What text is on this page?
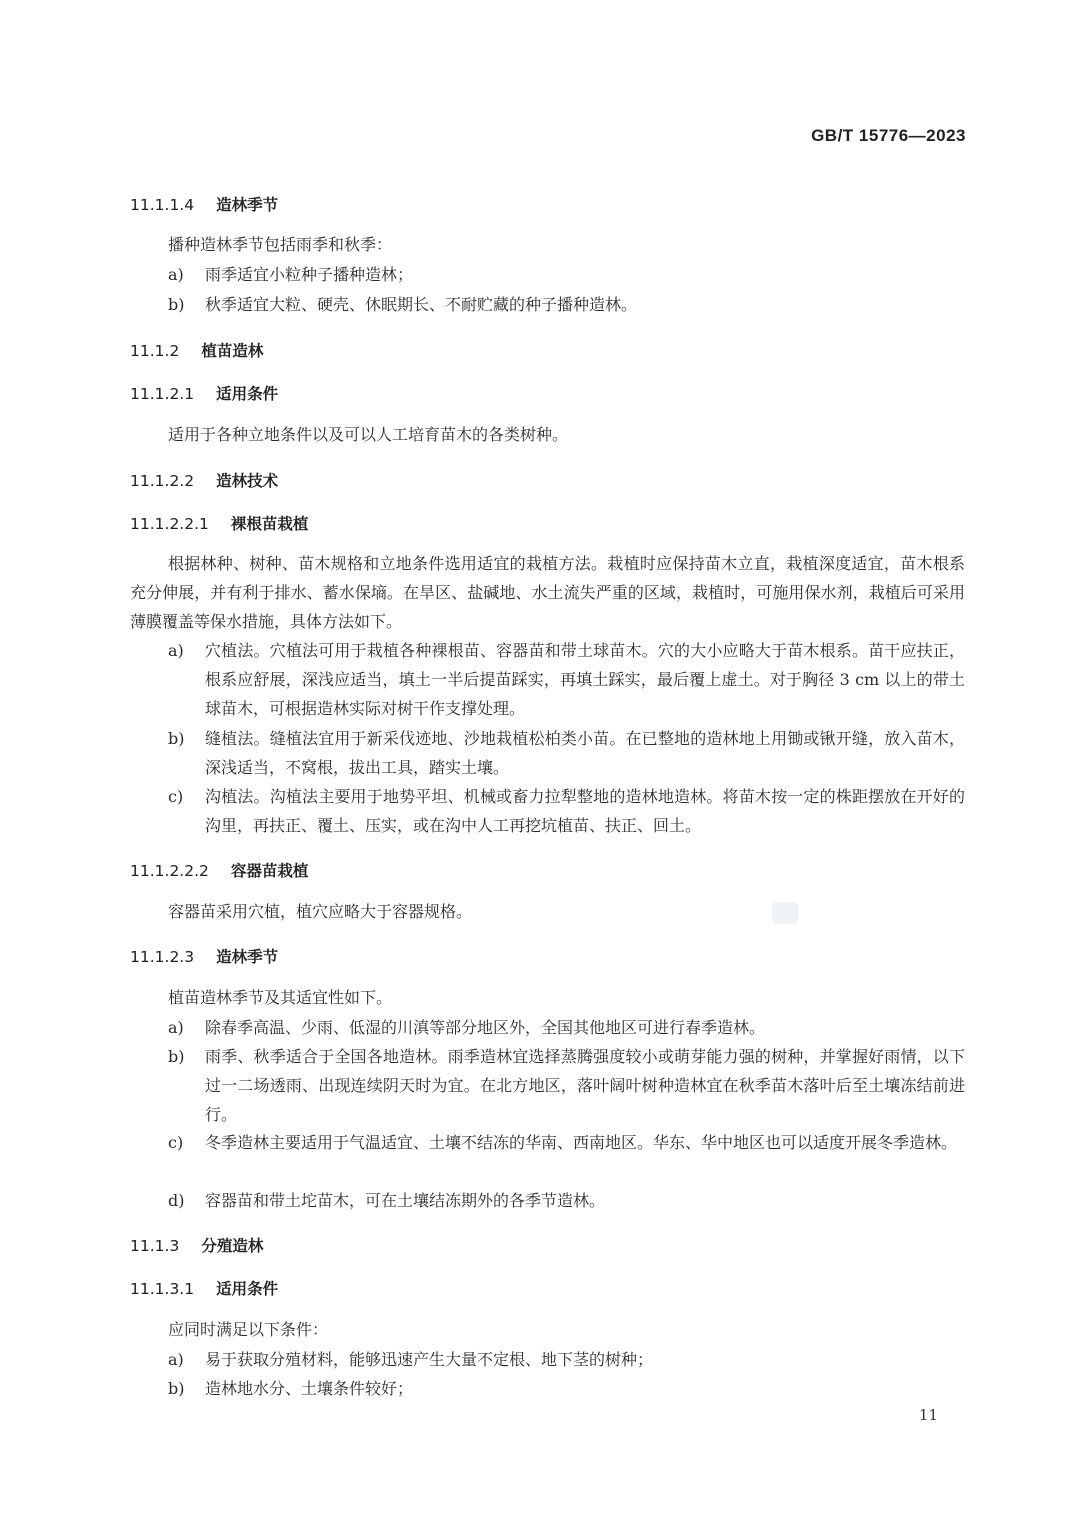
GB/T 15776—2023
11.1.1.4 造林季节
播种造林季节包括雨季和秋季：
a)	雨季适宜小粒种子播种造林；
b)	秋季适宜大粒、硬壳、休眠期长、不耐贮藏的种子播种造林。
11.1.2 植苗造林
11.1.2.1 适用条件
适用于各种立地条件以及可以人工培育苗木的各类树种。
11.1.2.2 造林技术
11.1.2.2.1 裸根苗栽植
根据林种、树种、苗木规格和立地条件选用适宜的栽植方法。栽植时应保持苗木立直，栽植深度适宜，苗木根系充分伸展，并有利于排水、蓄水保墒。在旱区、盐碱地、水土流失严重的区域，栽植时，可施用保水剂，栽植后可采用薄膜覆盖等保水措施，具体方法如下。
a)	穴植法。穴植法可用于栽植各种裸根苗、容器苗和带土球苗木。穴的大小应略大于苗木根系。苗干应扶正，根系应舒展，深浅应适当，填土一半后提苗踩实，再填土踩实，最后覆上虚土。对于胸径 3 cm 以上的带土球苗木，可根据造林实际对树干作支撑处理。
b)	缝植法。缝植法宜用于新采伐迹地、沙地栽植松柏类小苗。在已整地的造林地上用锄或锹开缝，放入苗木，深浅适当，不窝根，拔出工具，踏实土壤。
c)	沟植法。沟植法主要用于地势平坦、机械或畜力拉犁整地的造林地造林。将苗木按一定的株距摆放在开好的沟里，再扶正、覆土、压实，或在沟中人工再挖坑植苗、扶正、回土。
11.1.2.2.2 容器苗栽植
容器苗采用穴植，植穴应略大于容器规格。
11.1.2.3 造林季节
植苗造林季节及其适宜性如下。
a)	除春季高温、少雨、低湿的川滇等部分地区外，全国其他地区可进行春季造林。
b)	雨季、秋季适合于全国各地造林。雨季造林宜选择蒸腾强度较小或萌芽能力强的树种，并掌握好雨情，以下过一二场透雨、出现连续阴天时为宜。在北方地区，落叶阔叶树种造林宜在秋季苗木落叶后至土壤冻结前进行。
c)	冬季造林主要适用于气温适宜、土壤不结冻的华南、西南地区。华东、华中地区也可以适度开展冬季造林。
d)	容器苗和带土坨苗木，可在土壤结冻期外的各季节造林。
11.1.3 分殖造林
11.1.3.1 适用条件
应同时满足以下条件：
a)	易于获取分殖材料，能够迅速产生大量不定根、地下茎的树种；
b)	造林地水分、土壤条件较好；
11
